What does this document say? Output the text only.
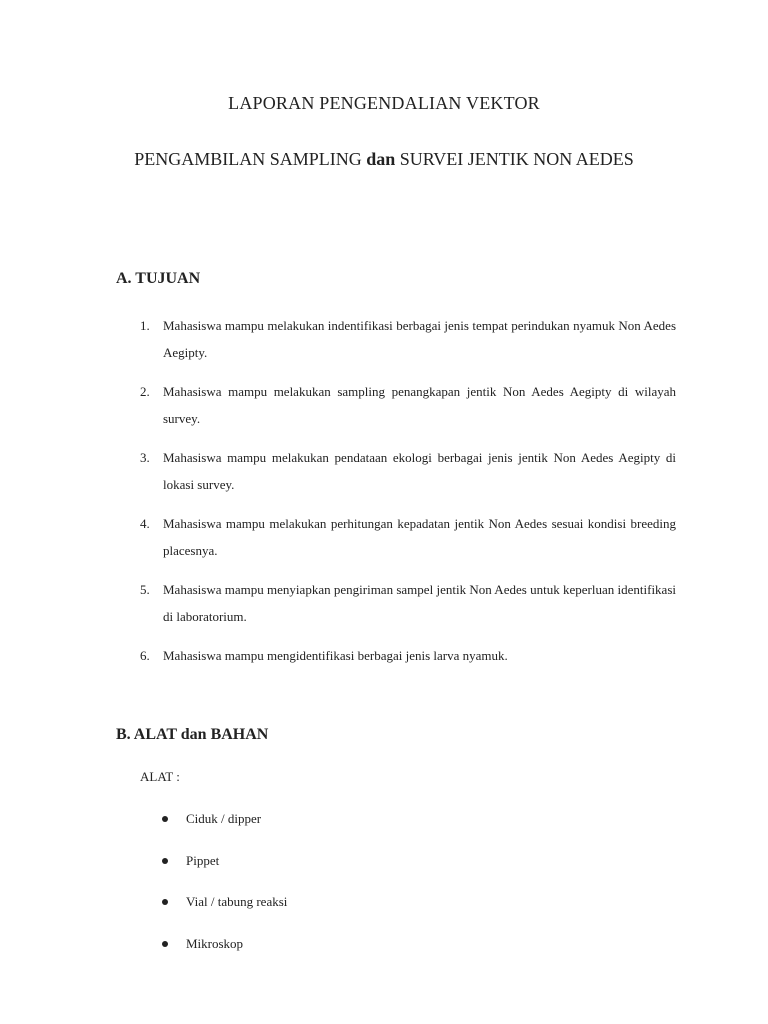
LAPORAN PENGENDALIAN VEKTOR
PENGAMBILAN SAMPLING dan SURVEI JENTIK NON AEDES
A. TUJUAN
1. Mahasiswa mampu melakukan indentifikasi berbagai jenis tempat perindukan nyamuk Non Aedes Aegipty.
2. Mahasiswa mampu melakukan sampling penangkapan jentik Non Aedes Aegipty di wilayah survey.
3. Mahasiswa mampu melakukan pendataan ekologi berbagai jenis jentik Non Aedes Aegipty di lokasi survey.
4. Mahasiswa mampu melakukan perhitungan kepadatan jentik Non Aedes sesuai kondisi breeding placesnya.
5. Mahasiswa mampu menyiapkan pengiriman sampel jentik Non Aedes untuk keperluan identifikasi di laboratorium.
6. Mahasiswa mampu mengidentifikasi berbagai jenis larva nyamuk.
B. ALAT dan BAHAN
ALAT :
Ciduk / dipper
Pippet
Vial / tabung reaksi
Mikroskop
